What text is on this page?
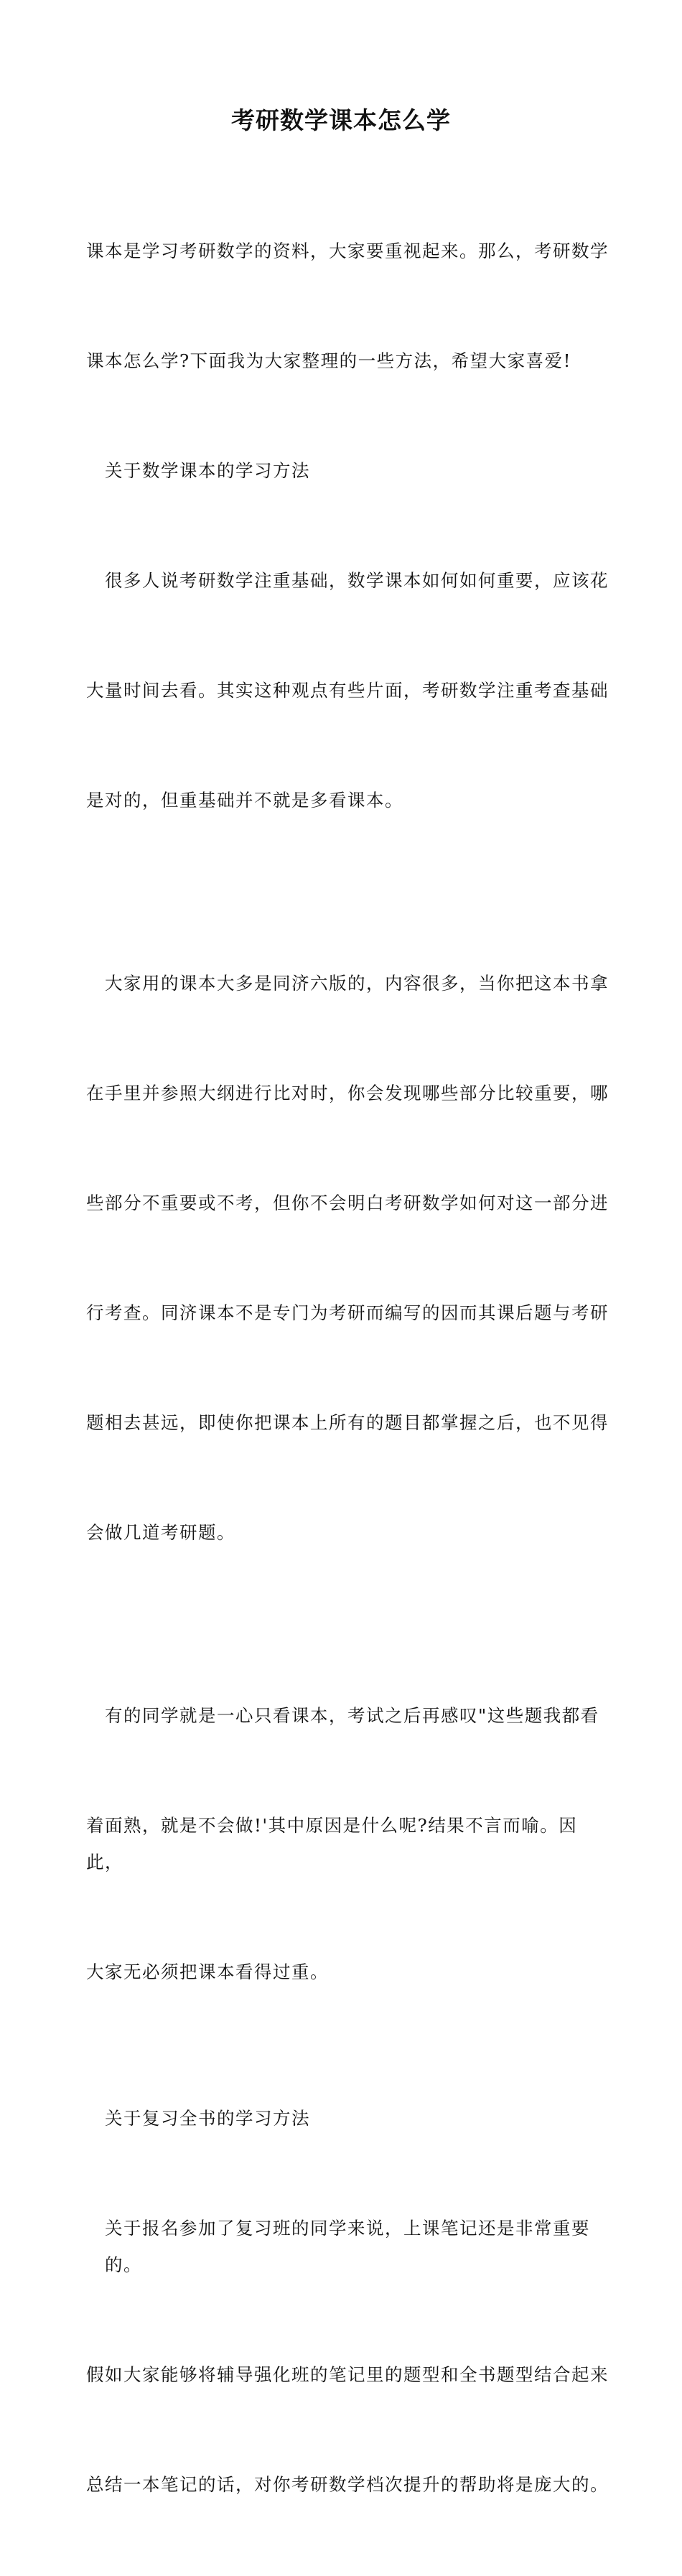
考研数学课本怎么学

课本是学习考研数学的资料，大家要重视起来。那么，考研数学

课本怎么学?下面我为大家整理的一些方法，希望大家喜爱!

关于数学课本的学习方法

很多人说考研数学注重基础，数学课本如何如何重要，应该花

大量时间去看。其实这种观点有些片面，考研数学注重考查基础

是对的，但重基础并不就是多看课本。

大家用的课本大多是同济六版的，内容很多，当你把这本书拿

在手里并参照大纲进行比对时，你会发现哪些部分比较重要，哪

些部分不重要或不考，但你不会明白考研数学如何对这一部分进

行考查。同济课本不是专门为考研而编写的因而其课后题与考研

题相去甚远，即使你把课本上所有的题目都掌握之后，也不见得

会做几道考研题。

有的同学就是一心只看课本，考试之后再感叹"这些题我都看

着面熟，就是不会做!'其中原因是什么呢?结果不言而喻。因此，

大家无必须把课本看得过重。

关于复习全书的学习方法

关于报名参加了复习班的同学来说，上课笔记还是非常重要的。

假如大家能够将辅导强化班的笔记里的题型和全书题型结合起来

总结一本笔记的话，对你考研数学档次提升的帮助将是庞大的。
